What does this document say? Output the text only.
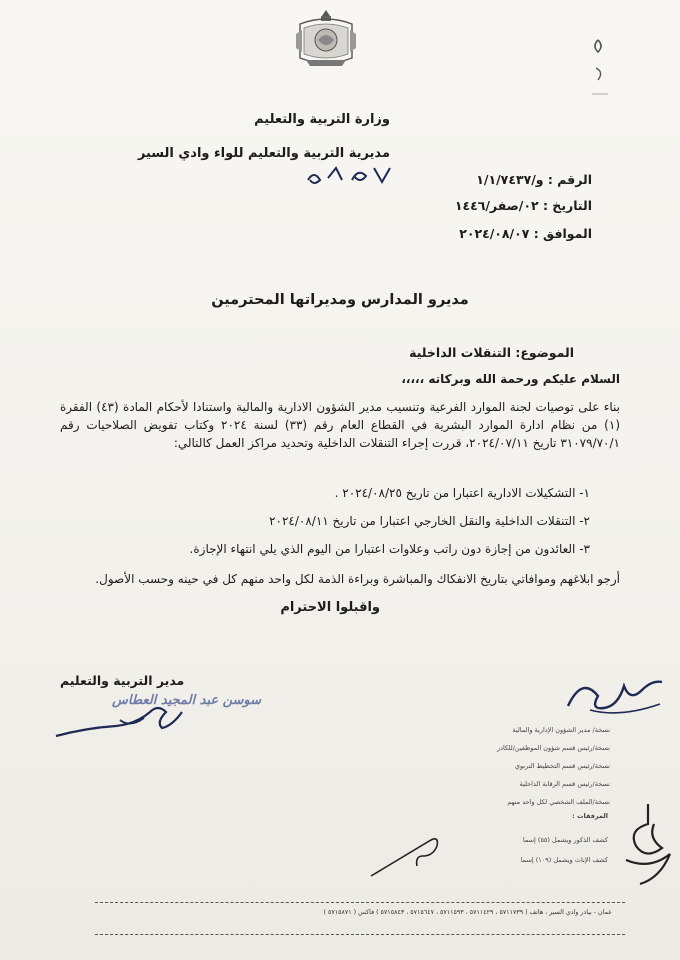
وزارة التربية والتعليم
مديرية التربية والتعليم للواء وادي السير
الرقم : و/١/١/٧٤٣٧
التاريخ : ٠٢/صفر/١٤٤٦
الموافق : ٢٠٢٤/٠٨/٠٧
مديرو المدارس ومديراتها المحترمين
الموضوع: التنقلات الداخلية
السلام عليكم ورحمة الله وبركاته ،،،،،
بناء على توصيات لجنة الموارد الفرعية وتنسيب مدير الشؤون الادارية والمالية واستنادا لأحكام المادة (٤٣) الفقرة (١) من نظام ادارة الموارد البشرية في القطاع العام رقم (٣٣) لسنة ٢٠٢٤ وكتاب تفويض الصلاحيات رقم ٣١٠٧٩/٧٠/١ تاريخ ٢٠٢٤/٠٧/١١، قررت إجراء التنقلات الداخلية وتحديد مراكز العمل كالتالي:
١- التشكيلات الادارية اعتبارا من تاريخ ٢٠٢٤/٠٨/٢٥ .
٢- التنقلات الداخلية والنقل الخارجي اعتبارا من تاريخ ٢٠٢٤/٠٨/١١
٣- العائدون من إجازة دون راتب وعلاوات اعتبارا من اليوم الذي يلي انتهاء الإجازة.
أرجو ابلاغهم وموافاتي بتاريخ الانفكاك والمباشرة وبراءة الذمة لكل واحد منهم كل في حينه وحسب الأصول.
واقبلوا الاحترام
مدير التربية والتعليم
سوسن عبد المجيد العطاس
نسخة/ مدير الشؤون الإدارية والمالية
نسخة/رئيس قسم شؤون الموظفين/للكادر
نسخة/رئيس قسم التخطيط التربوي
نسخة/رئيس قسم الرقابة الداخلية
نسخة/الملف الشخصي لكل واحد منهم
المرفقات :
كشف الذكور ويشمل (٥٥) إسما
كشف الإناث ويشمل (١٠٩) إسما
عمان - بيادر وادي السير ، هاتف ( ٥٧١١٧٣٩ ، ٥٧١١٤٢٩ ، ٥٧١١٥٩٣ ، ٥٧١٥٦٤٧ ، ٥٧١٥٨٤٣ ) فاكس ( ٥٧١٥٨٧١ )
